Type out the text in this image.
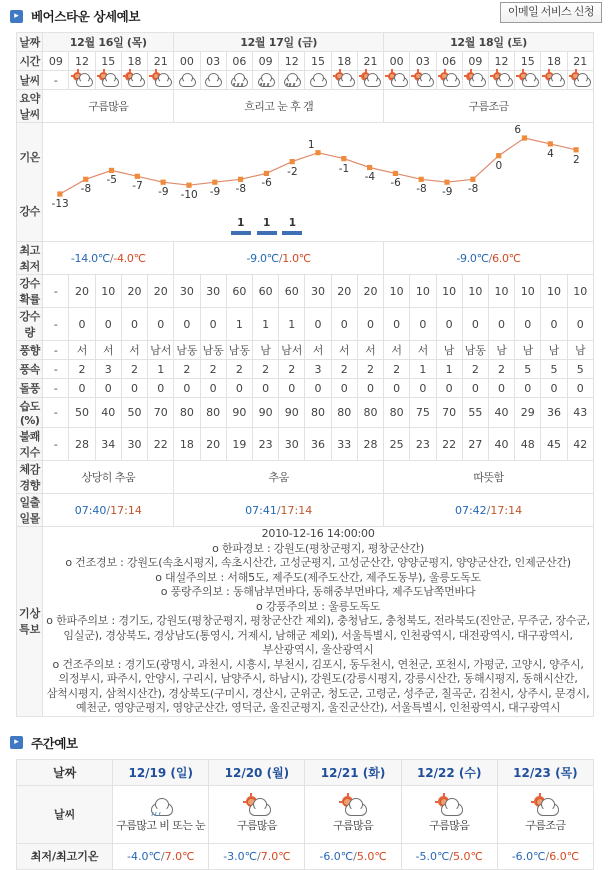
▸ 베어스타운 상세예보	이메일 서비스 신청
날짜	12월 16일 (목)					12월 17일 (금)								12월 18일 (토)							
시간	09	12	15	18	21	00	03	06	09	12	15	18	21	00	03	06	09	12	15	18	21
날씨	-	

요약날씨	구름많음					흐리고 눈 후 갬								구름조금							

기온
강수

-13
-8
-5 -7 -9 -10 -9 -8 -6
-2
1
-1
-4 -6 -8 -9 -8
0
6
4 2
1 1 1

최고최저	-14.0℃/-4.0℃					-9.0℃/1.0℃								-9.0℃/6.0℃							
강수확률	-	20	10	20	20	30	30	60	60	60	30	20	20	10	10	10	10	10	10	10	10
강수량	-	0	0	0	0	0	0	1	1	1	0	0	0	0	0	0	0	0	0	0	0
풍향	-	서	서	서	남서	남동	남동	남동	남	남서	서	서	서	서	서	남	남동	남	남	남	남
풍속	-	2	3	2	1	2	2	2	2	2	3	2	2	2	1	1	2	2	5	5	5
돌풍	-	0	0	0	0	0	0	0	0	0	0	0	0	0	0	0	0	0	0	0	0
습도(%)	-	50	40	50	70	80	80	90	90	90	80	80	80	80	75	70	55	40	29	36	43
불쾌지수	-	28	34	30	22	18	20	19	23	30	36	33	28	25	23	22	27	40	48	45	42
체감경향	상당히 추움					추움								따뜻함							
일출일몰	07:40/17:14					07:41/17:14								07:42/17:14							
기상특보	
2010-12-16 14:00:00
o 한파경보 : 강원도(평창군평지, 평창군산간)
o 건조경보 : 강원도(속초시평지, 속초시산간, 고성군평지, 고성군산간, 양양군평지, 양양군산간, 인제군산간)
o 대설주의보 : 서해5도, 제주도(제주도산간, 제주도동부), 울릉도독도
o 풍랑주의보 : 동해남부먼바다, 동해중부먼바다, 제주도남쪽먼바다
o 강풍주의보 : 울릉도독도
o 한파주의보 : 경기도, 강원도(평창군평지, 평창군산간 제외), 충청남도, 충청북도, 전라북도(진안군, 무주군, 장수군, 임실군), 경상북도, 경상남도(통영시, 거제시, 남해군 제외), 서울특별시, 인천광역시, 대전광역시, 대구광역시, 부산광역시, 울산광역시
o 건조주의보 : 경기도(광명시, 과천시, 시흥시, 부천시, 김포시, 동두천시, 연천군, 포천시, 가평군, 고양시, 양주시, 의정부시, 파주시, 안양시, 구리시, 남양주시, 하남시), 강원도(강릉시평지, 강릉시산간, 동해시평지, 동해시산간, 삼척시평지, 삼척시산간), 경상북도(구미시, 경산시, 군위군, 청도군, 고령군, 성주군, 칠곡군, 김천시, 상주시, 문경시, 예천군, 영양군평지, 영양군산간, 영덕군, 울진군평지, 울진군산간), 서울특별시, 인천광역시, 대구광역시
▸ 주간예보
날짜	12/19 (일)	12/20 (월)	12/21 (화)	12/22 (수)	12/23 (목)
날씨	구름많고 비 또는 눈	구름많음	구름많음	구름많음	구름조금

최저/최고기온	-4.0℃/7.0℃	-3.0℃/7.0℃	-6.0℃/5.0℃	-5.0℃/5.0℃	-6.0℃/6.0℃
